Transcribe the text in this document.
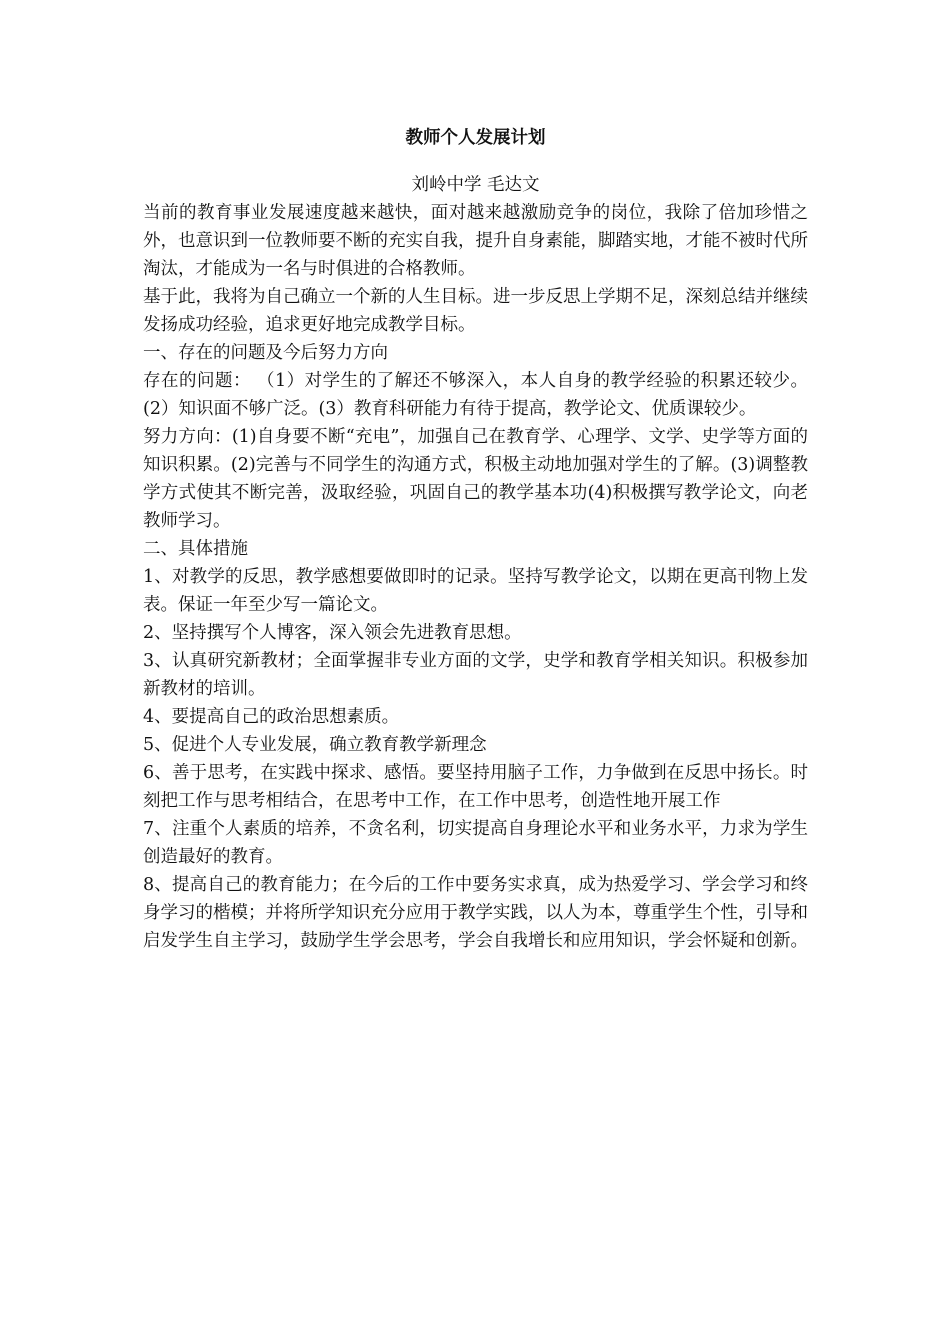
教师个人发展计划
刘岭中学 毛达文

当前的教育事业发展速度越来越快，面对越来越激励竞争的岗位，我除了倍加珍惜之外，也意识到一位教师要不断的充实自我，提升自身素能，脚踏实地，才能不被时代所淘汰，才能成为一名与时俱进的合格教师。

基于此，我将为自己确立一个新的人生目标。进一步反思上学期不足，深刻总结并继续发扬成功经验，追求更好地完成教学目标。

一、存在的问题及今后努力方向

存在的问题： （1）对学生的了解还不够深入，本人自身的教学经验的积累还较少。(2）知识面不够广泛。(3）教育科研能力有待于提高，教学论文、优质课较少。

努力方向：(1)自身要不断“充电”，加强自己在教育学、心理学、文学、史学等方面的知识积累。(2)完善与不同学生的沟通方式，积极主动地加强对学生的了解。(3)调整教学方式使其不断完善，汲取经验，巩固自己的教学基本功(4)积极撰写教学论文，向老教师学习。

二、具体措施

1、对教学的反思，教学感想要做即时的记录。坚持写教学论文，以期在更高刊物上发表。保证一年至少写一篇论文。

2、坚持撰写个人博客，深入领会先进教育思想。

3、认真研究新教材；全面掌握非专业方面的文学，史学和教育学相关知识。积极参加新教材的培训。

4、要提高自己的政治思想素质。

5、促进个人专业发展，确立教育教学新理念

6、善于思考，在实践中探求、感悟。要坚持用脑子工作，力争做到在反思中扬长。时刻把工作与思考相结合，在思考中工作，在工作中思考，创造性地开展工作

7、注重个人素质的培养，不贪名利，切实提高自身理论水平和业务水平，力求为学生创造最好的教育。

8、提高自己的教育能力；在今后的工作中要务实求真，成为热爱学习、学会学习和终身学习的楷模；并将所学知识充分应用于教学实践，以人为本，尊重学生个性，引导和启发学生自主学习，鼓励学生学会思考，学会自我增长和应用知识，学会怀疑和创新。
